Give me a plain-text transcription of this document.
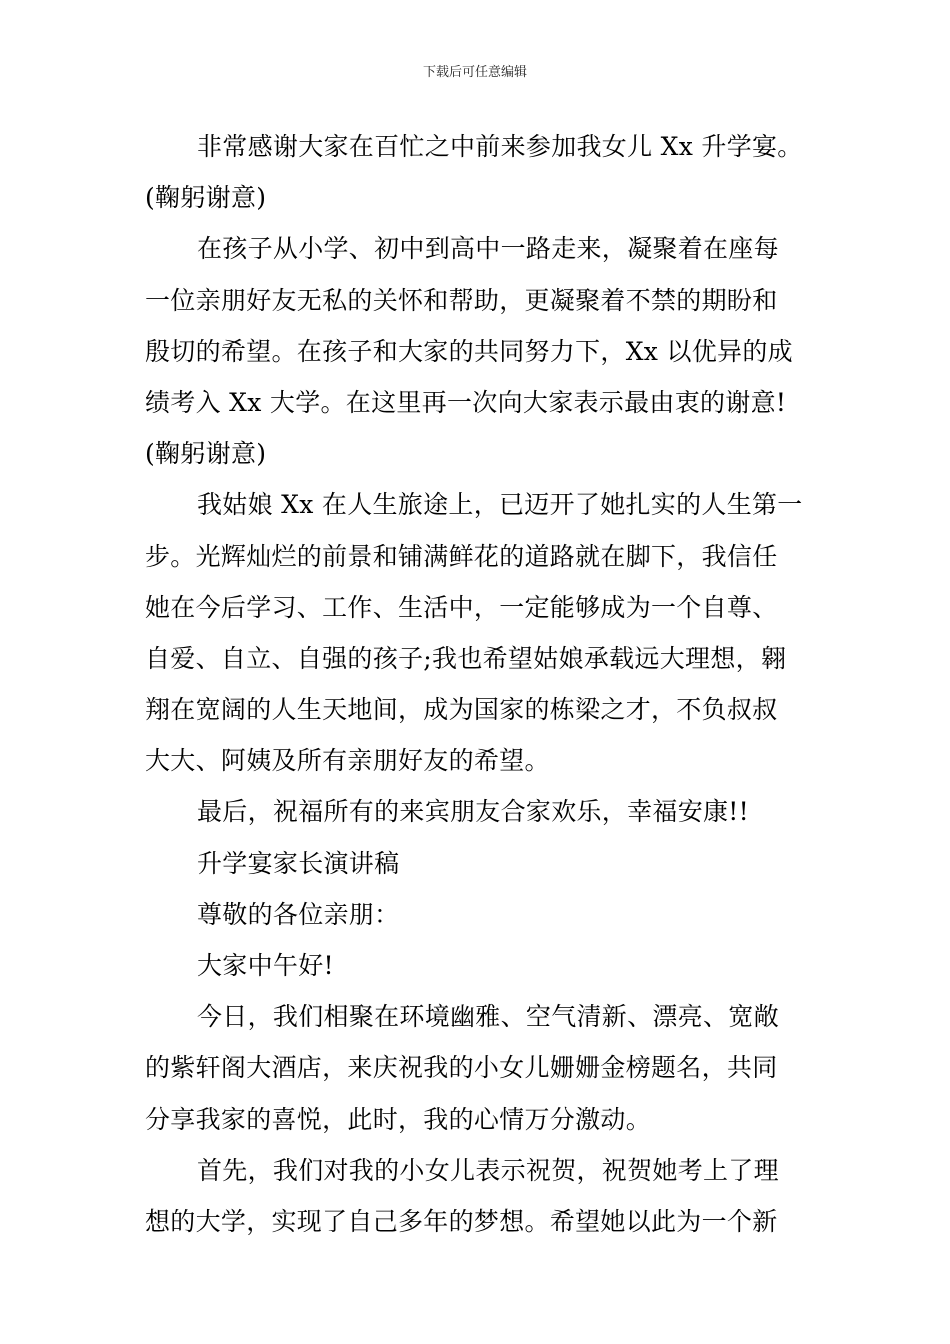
下载后可任意编辑
非常感谢大家在百忙之中前来参加我女儿 Xx 升学宴。
(鞠躬谢意)
在孩子从小学、初中到高中一路走来，凝聚着在座每
一位亲朋好友无私的关怀和帮助，更凝聚着不禁的期盼和
殷切的希望。在孩子和大家的共同努力下，Xx 以优异的成
绩考入 Xx 大学。在这里再一次向大家表示最由衷的谢意!
(鞠躬谢意)
我姑娘 Xx 在人生旅途上，已迈开了她扎实的人生第一
步。光辉灿烂的前景和铺满鲜花的道路就在脚下，我信任
她在今后学习、工作、生活中，一定能够成为一个自尊、
自爱、自立、自强的孩子;我也希望姑娘承载远大理想，翱
翔在宽阔的人生天地间，成为国家的栋梁之才，不负叔叔
大大、阿姨及所有亲朋好友的希望。
最后，祝福所有的来宾朋友合家欢乐，幸福安康!!
升学宴家长演讲稿
尊敬的各位亲朋：
大家中午好!
今日，我们相聚在环境幽雅、空气清新、漂亮、宽敞
的紫轩阁大酒店，来庆祝我的小女儿姗姗金榜题名，共同
分享我家的喜悦，此时，我的心情万分激动。
首先，我们对我的小女儿表示祝贺，祝贺她考上了理
想的大学，实现了自己多年的梦想。希望她以此为一个新
